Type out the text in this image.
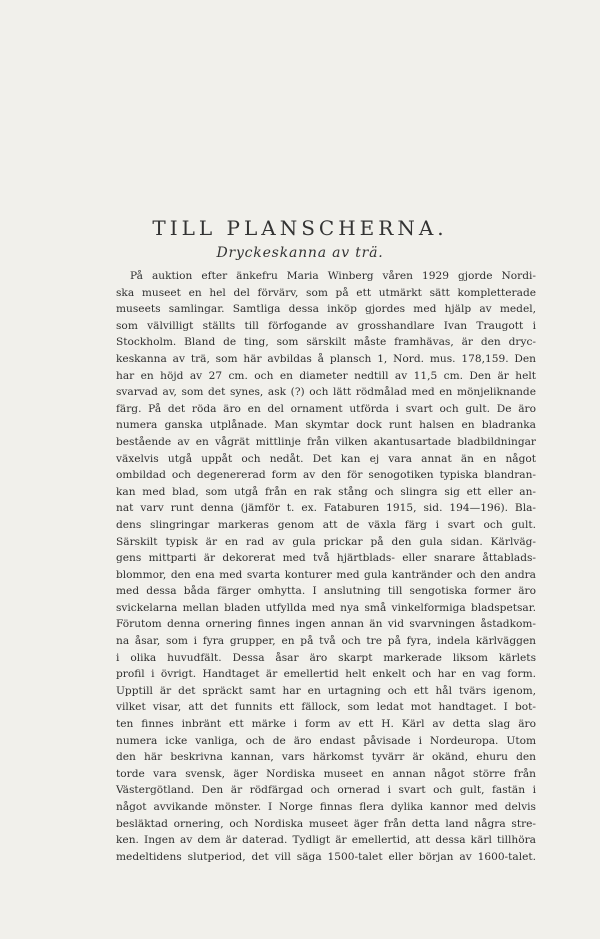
TILL PLANSCHERNA.
Dryckeskanna av trä.
På auktion efter änkefru Maria Winberg våren 1929 gjorde Nordi-
ska museet en hel del förvärv, som på ett utmärkt sätt kompletterade
museets samlingar. Samtliga dessa inköp gjordes med hjälp av medel,
som välvilligt ställts till förfogande av grosshandlare Ivan Traugott i
Stockholm. Bland de ting, som särskilt måste framhävas, är den dryc-
keskanna av trä, som här avbildas å plansch 1, Nord. mus. 178,159. Den
har en höjd av 27 cm. och en diameter nedtill av 11,5 cm. Den är helt
svarvad av, som det synes, ask (?) och lätt rödmålad med en mönjeliknande
färg. På det röda äro en del ornament utförda i svart och gult. De äro
numera ganska utplånade. Man skymtar dock runt halsen en bladranka
bestående av en vågrät mittlinje från vilken akantusartade bladbildningar
växelvis utgå uppåt och nedåt. Det kan ej vara annat än en något
ombildad och degenererad form av den för senogotiken typiska blandran-
kan med blad, som utgå från en rak stång och slingra sig ett eller an-
nat varv runt denna (jämför t. ex. Fataburen 1915, sid. 194—196). Bla-
dens slingringar markeras genom att de växla färg i svart och gult.
Särskilt typisk är en rad av gula prickar på den gula sidan. Kärlväg-
gens mittparti är dekorerat med två hjärtblads- eller snarare åttablads-
blommor, den ena med svarta konturer med gula kantränder och den andra
med dessa båda färger omhytta. I anslutning till sengotiska former äro
svickelarna mellan bladen utfyllda med nya små vinkelformiga bladspetsar.
Förutom denna ornering finnes ingen annan än vid svarvningen åstadkom-
na åsar, som i fyra grupper, en på två och tre på fyra, indela kärlväggen
i olika huvudfält. Dessa åsar äro skarpt markerade liksom kärlets
profil i övrigt. Handtaget är emellertid helt enkelt och har en vag form.
Upptill är det spräckt samt har en urtagning och ett hål tvärs igenom,
vilket visar, att det funnits ett fällock, som ledat mot handtaget. I bot-
ten finnes inbränt ett märke i form av ett H. Kärl av detta slag äro
numera icke vanliga, och de äro endast påvisade i Nordeuropa. Utom
den här beskrivna kannan, vars härkomst tyvärr är okänd, ehuru den
torde vara svensk, äger Nordiska museet en annan något större från
Västergötland. Den är rödfärgad och ornerad i svart och gult, fastän i
något avvikande mönster. I Norge finnas flera dylika kannor med delvis
besläktad ornering, och Nordiska museet äger från detta land några stre-
ken. Ingen av dem är daterad. Tydligt är emellertid, att dessa kärl tillhöra
medeltidens slutperiod, det vill säga 1500-talet eller början av 1600-talet.
